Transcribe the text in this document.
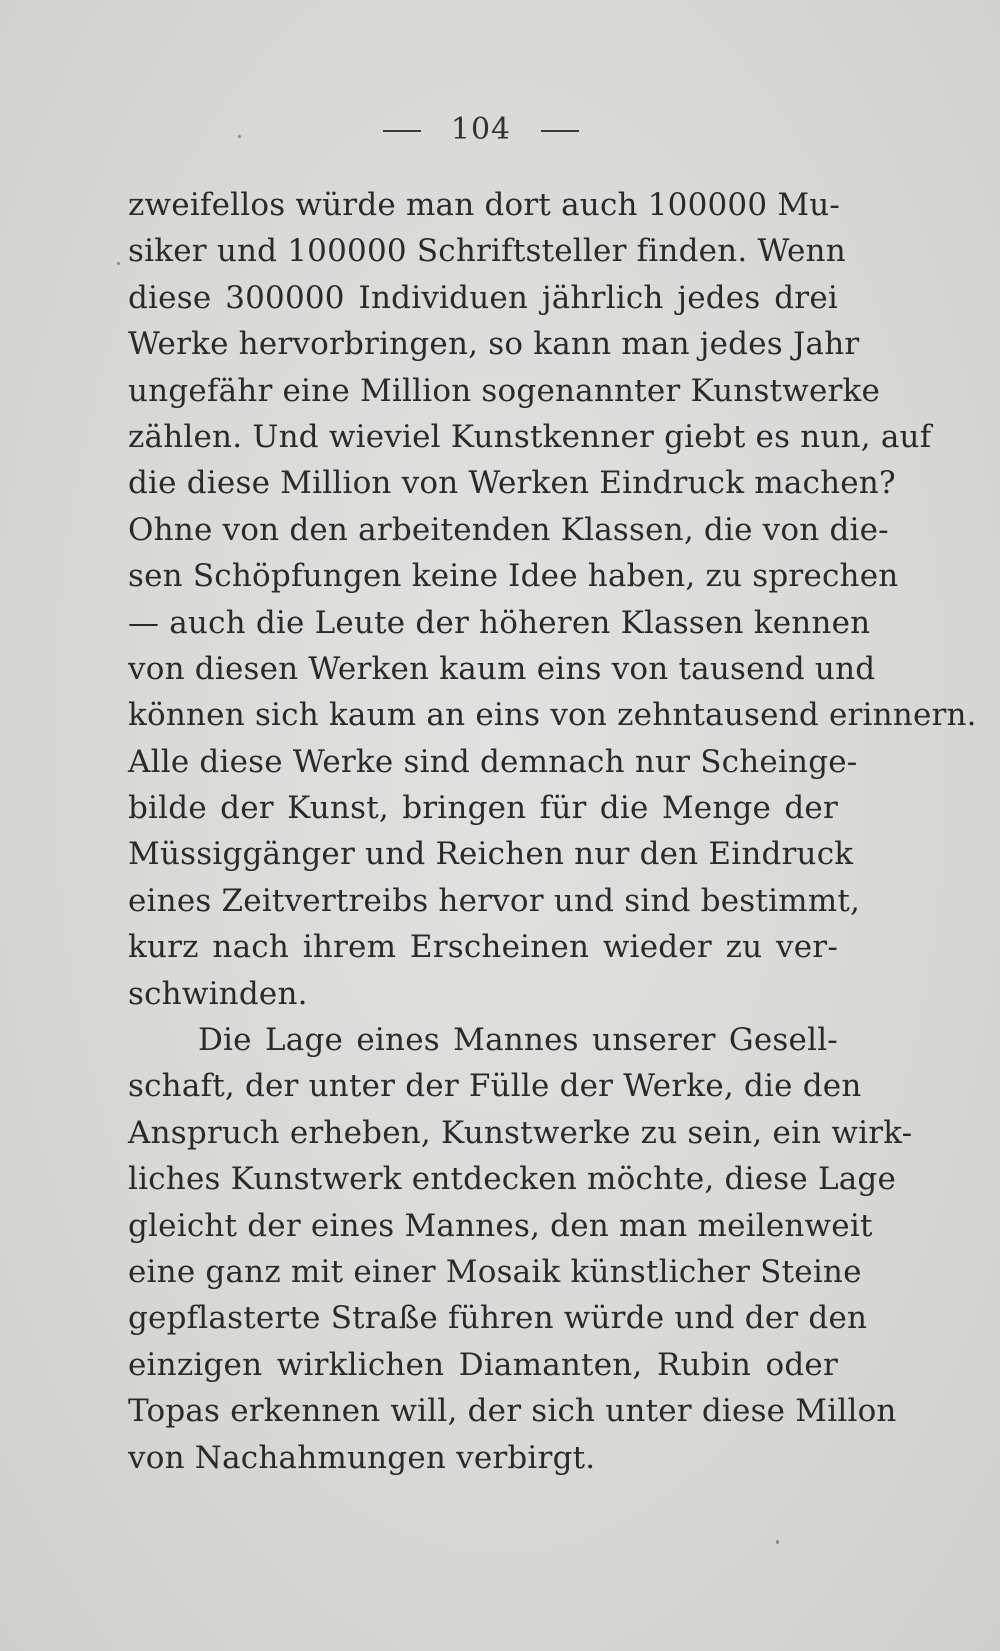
104
zweifellos würde man dort auch 100000 Mu-
siker und 100000 Schriftsteller finden. Wenn
diese 300000 Individuen jährlich jedes drei
Werke hervorbringen, so kann man jedes Jahr
ungefähr eine Million sogenannter Kunstwerke
zählen. Und wieviel Kunstkenner giebt es nun, auf
die diese Million von Werken Eindruck machen?
Ohne von den arbeitenden Klassen, die von die-
sen Schöpfungen keine Idee haben, zu sprechen
— auch die Leute der höheren Klassen kennen
von diesen Werken kaum eins von tausend und
können sich kaum an eins von zehntausend erinnern.
Alle diese Werke sind demnach nur Scheinge-
bilde der Kunst, bringen für die Menge der
Müssiggänger und Reichen nur den Eindruck
eines Zeitvertreibs hervor und sind bestimmt,
kurz nach ihrem Erscheinen wieder zu ver-
schwinden.
Die Lage eines Mannes unserer Gesell-
schaft, der unter der Fülle der Werke, die den
Anspruch erheben, Kunstwerke zu sein, ein wirk-
liches Kunstwerk entdecken möchte, diese Lage
gleicht der eines Mannes, den man meilenweit
eine ganz mit einer Mosaik künstlicher Steine
gepflasterte Straße führen würde und der den
einzigen wirklichen Diamanten, Rubin oder
Topas erkennen will, der sich unter diese Millon
von Nachahmungen verbirgt.
